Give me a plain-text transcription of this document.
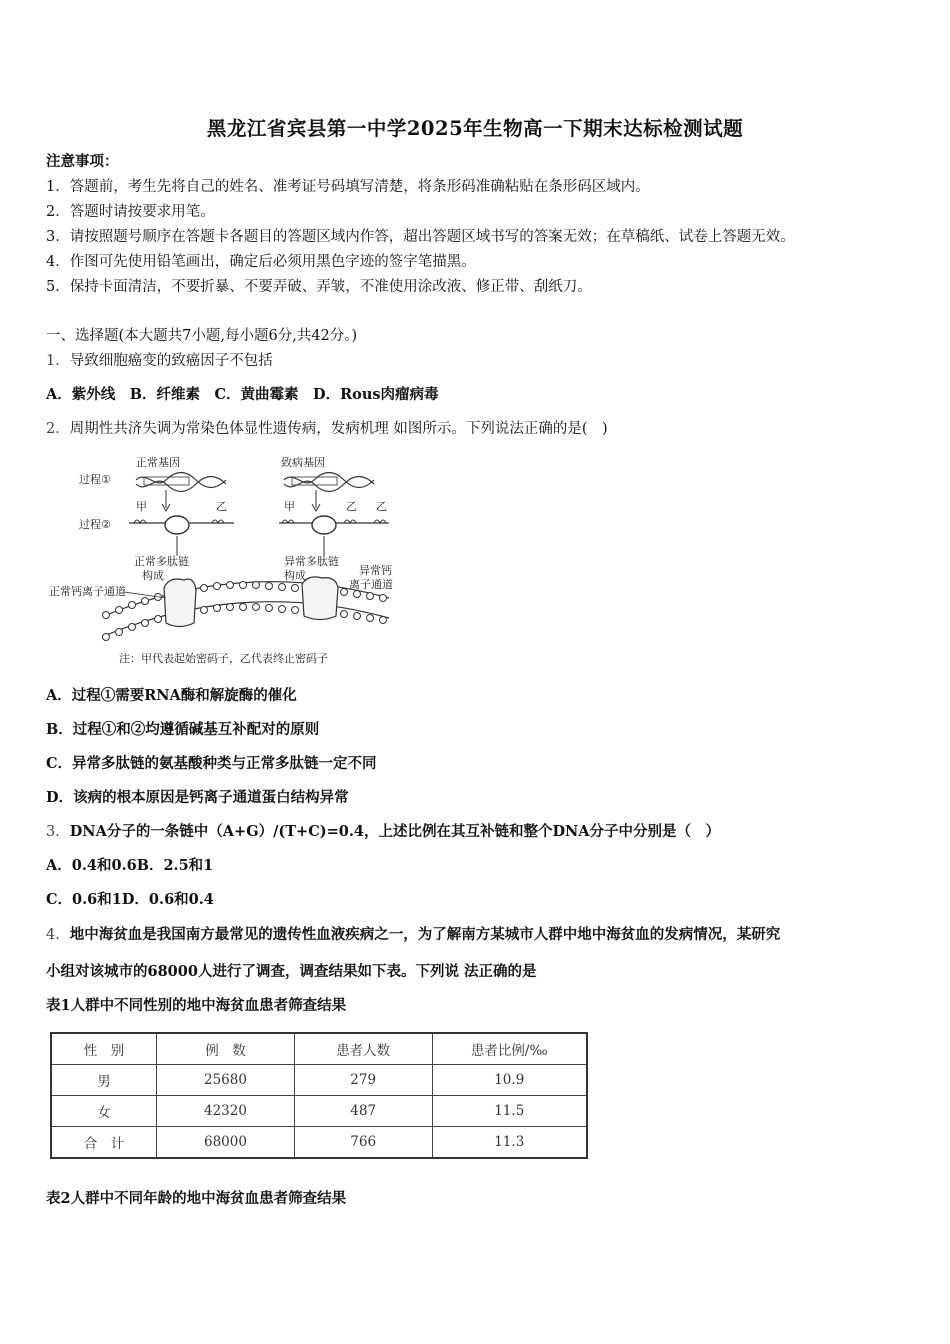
黑龙江省宾县第一中学2025年生物高一下期末达标检测试题
注意事项：
1．答题前，考生先将自己的姓名、准考证号码填写清楚，将条形码准确粘贴在条形码区域内。
2．答题时请按要求用笔。
3．请按照题号顺序在答题卡各题目的答题区域内作答，超出答题区域书写的答案无效；在草稿纸、试卷上答题无效。
4．作图可先使用铅笔画出，确定后必须用黑色字迹的签字笔描黑。
5．保持卡面清洁，不要折暴、不要弄破、弄皱，不准使用涂改液、修正带、刮纸刀。
一、选择题(本大题共7小题,每小题6分,共42分。)
1．导致细胞癌变的致癌因子不包括
A．紫外线　B．纤维素　C．黄曲霉素　D．Rous肉瘤病毒
2．周期性共济失调为常染色体显性遗传病，发病机理 如图所示。下列说法正确的是(　)
正常基因
过程①
过程②
甲	乙
正常多肽链
构成
正常钙离子通道
致病基因
甲	乙 乙
异常多肽链
构成	异常钙
离子通道
注：甲代表起始密码子，乙代表终止密码子
A．过程①需要RNA酶和解旋酶的催化
B．过程①和②均遵循碱基互补配对的原则
C．异常多肽链的氨基酸种类与正常多肽链一定不同
D．该病的根本原因是钙离子通道蛋白结构异常
3．DNA分子的一条链中（A+G）/(T+C)=0.4，上述比例在其互补链和整个DNA分子中分别是（　）
A．0.4和0.6B．2.5和1
C．0.6和1D．0.6和0.4
4．地中海贫血是我国南方最常见的遗传性血液疾病之一，为了解南方某城市人群中地中海贫血的发病情况，某研究
小组对该城市的68000人进行了调查，调查结果如下表。下列说 法正确的是
表1人群中不同性别的地中海贫血患者筛查结果
性　别	例　数	患者人数	患者比例/‰
男	25680	279	10.9
女	42320	487	11.5
合　计	68000	766	11.3
表2人群中不同年龄的地中海贫血患者筛查结果
